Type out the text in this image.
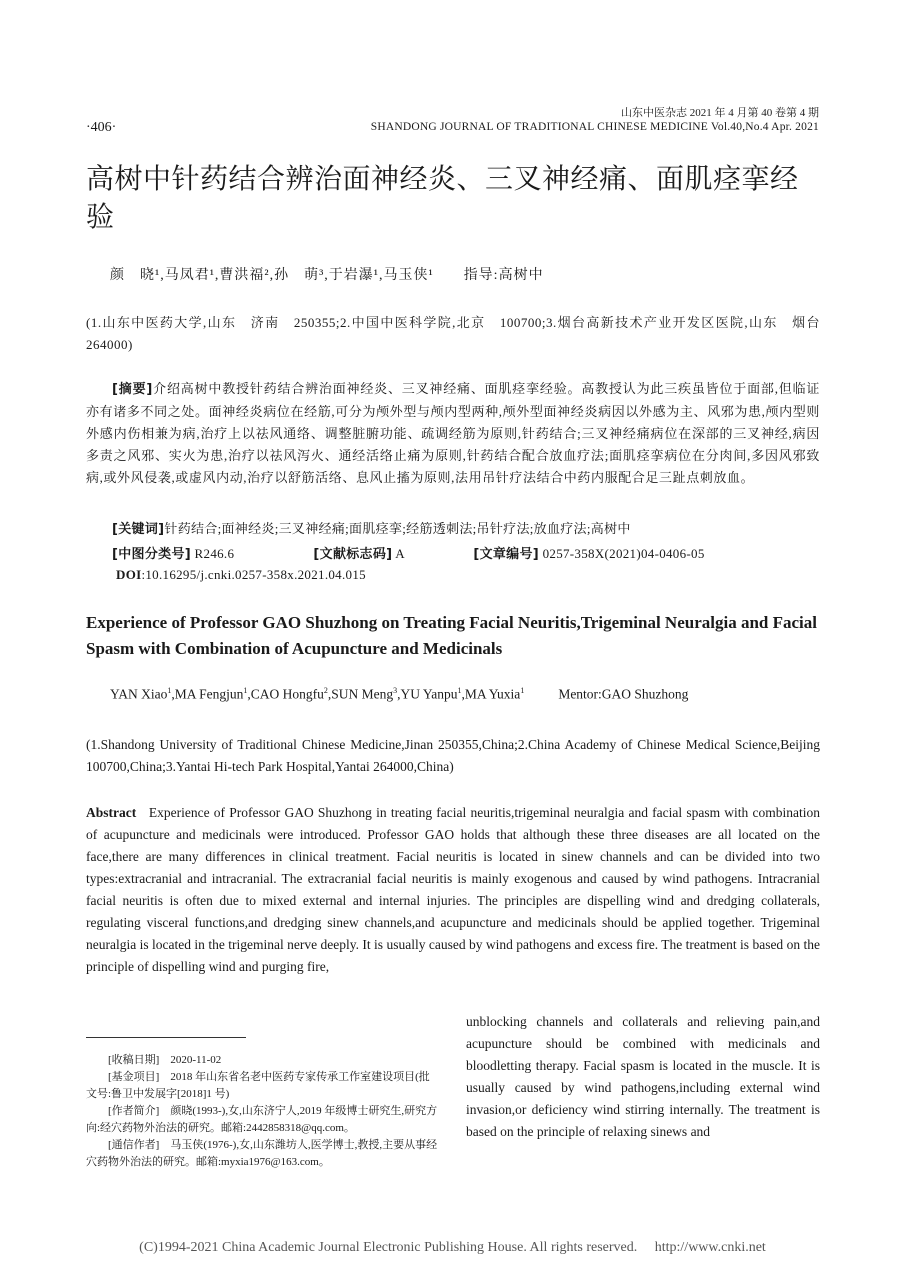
山东中医杂志 2021 年 4 月第 40 卷第 4 期
SHANDONG JOURNAL OF TRADITIONAL CHINESE MEDICINE Vol.40,No.4 Apr. 2021
·406·
高树中针药结合辨治面神经炎、三叉神经痛、面肌痉挛经验
颜　晓¹,马凤君¹,曹洪福²,孙　萌³,于岩瀑¹,马玉侠¹　　指导:高树中
(1.山东中医药大学,山东　济南　250355;2.中国中医科学院,北京　100700;3.烟台高新技术产业开发区医院,山东　烟台　264000)
[摘要]介绍高树中教授针药结合辨治面神经炎、三叉神经痛、面肌痉挛经验。高教授认为此三疾虽皆位于面部,但临证亦有诸多不同之处。面神经炎病位在经筋,可分为颅外型与颅内型两种,颅外型面神经炎病因以外感为主、风邪为患,颅内型则外感内伤相兼为病,治疗上以祛风通络、调整脏腑功能、疏调经筋为原则,针药结合;三叉神经痛病位在深部的三叉神经,病因多责之风邪、实火为患,治疗以祛风泻火、通经活络止痛为原则,针药结合配合放血疗法;面肌痉挛病位在分肉间,多因风邪致病,或外风侵袭,或虚风内动,治疗以舒筋活络、息风止搐为原则,法用吊针疗法结合中药内服配合足三趾点刺放血。
[关键词]针药结合;面神经炎;三叉神经痛;面肌痉挛;经筋透刺法;吊针疗法;放血疗法;高树中
[中图分类号] R246.6	[文献标志码] A	[文章编号] 0257-358X(2021)04-0406-05
DOI:10.16295/j.cnki.0257-358x.2021.04.015
Experience of Professor GAO Shuzhong on Treating Facial Neuritis,Trigeminal Neuralgia and Facial Spasm with Combination of Acupuncture and Medicinals
YAN Xiao$^1$,MA Fengjun$^1$,CAO Hongfu$^2$,SUN Meng$^3$,YU Yanpu$^1$,MA Yuxia$^1$	Mentor:GAO Shuzhong
(1.Shandong University of Traditional Chinese Medicine,Jinan 250355,China;2.China Academy of Chinese Medical Science,Beijing 100700,China;3.Yantai Hi-tech Park Hospital,Yantai 264000,China)
Abstract Experience of Professor GAO Shuzhong in treating facial neuritis,trigeminal neuralgia and facial spasm with combination of acupuncture and medicinals were introduced. Professor GAO holds that although these three diseases are all located on the face,there are many differences in clinical treatment. Facial neuritis is located in sinew channels and can be divided into two types:extracranial and intracranial. The extracranial facial neuritis is mainly exogenous and caused by wind pathogens. Intracranial facial neuritis is often due to mixed external and internal injuries. The principles are dispelling wind and dredging collaterals, regulating visceral functions,and dredging sinew channels,and acupuncture and medicinals should be applied together. Trigeminal neuralgia is located in the trigeminal nerve deeply. It is usually caused by wind pathogens and excess fire. The treatment is based on the principle of dispelling wind and purging fire,
unblocking channels and collaterals and relieving pain,and acupuncture should be combined with medicinals and bloodletting therapy. Facial spasm is located in the muscle. It is usually caused by wind pathogens,including external wind invasion,or deficiency wind stirring internally. The treatment is based on the principle of relaxing sinews and

[收稿日期]　2020-11-02

[基金项目]　2018 年山东省名老中医药专家传承工作室建设项目(批文号:鲁卫中发展字[2018]1 号)

[作者简介]　颜晓(1993-),女,山东济宁人,2019 年级博士研究生,研究方向:经穴药物外治法的研究。邮箱:2442858318@qq.com。

[通信作者]　马玉侠(1976-),女,山东潍坊人,医学博士,教授,主要从事经穴药物外治法的研究。邮箱:myxia1976@163.com。

(C)1994-2021 China Academic Journal Electronic Publishing House. All rights reserved.　 http://www.cnki.net
